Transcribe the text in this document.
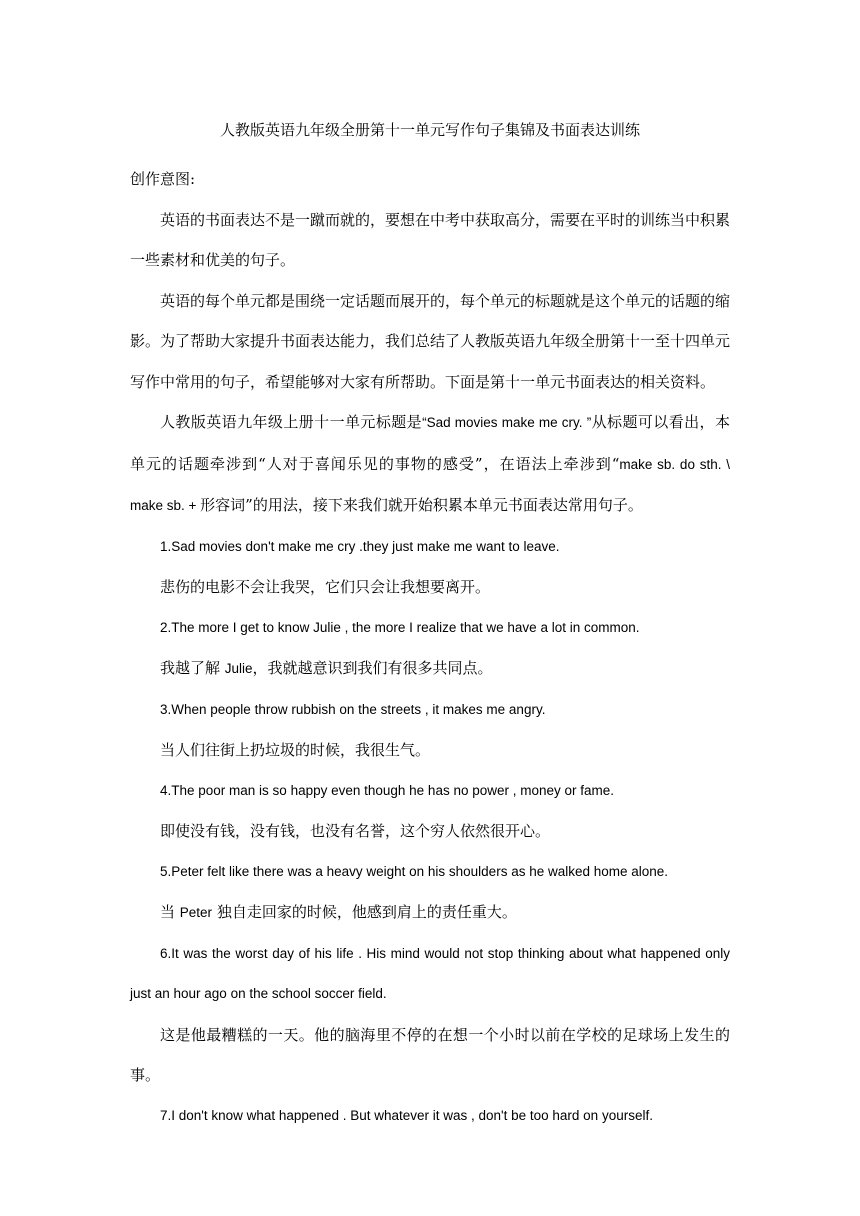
人教版英语九年级全册第十一单元写作句子集锦及书面表达训练

创作意图:

英语的书面表达不是一蹴而就的，要想在中考中获取高分，需要在平时的训练当中积累一些素材和优美的句子。

英语的每个单元都是围绕一定话题而展开的，每个单元的标题就是这个单元的话题的缩影。为了帮助大家提升书面表达能力，我们总结了人教版英语九年级全册第十一至十四单元写作中常用的句子，希望能够对大家有所帮助。下面是第十一单元书面表达的相关资料。

人教版英语九年级上册十一单元标题是“Sad movies make me cry. ”从标题可以看出，本单元的话题牵涉到“人对于喜闻乐见的事物的感受”，在语法上牵涉到“make sb. do sth. \ make sb. + 形容词”的用法，接下来我们就开始积累本单元书面表达常用句子。

1.Sad movies don't make me cry .they just make me want to leave.

悲伤的电影不会让我哭，它们只会让我想要离开。

2.The more I get to know Julie , the more I realize that we have a lot in common.

我越了解 Julie，我就越意识到我们有很多共同点。

3.When people throw rubbish on the streets , it makes me angry.

当人们往街上扔垃圾的时候，我很生气。

4.The poor man is so happy even though he has no power , money or fame.

即使没有钱，没有钱，也没有名誉，这个穷人依然很开心。

5.Peter felt like there was a heavy weight on his shoulders as he walked home alone.

当 Peter 独自走回家的时候，他感到肩上的责任重大。

6.It was the worst day of his life . His mind would not stop thinking about what happened only just an hour ago on the school soccer field.

这是他最糟糕的一天。他的脑海里不停的在想一个小时以前在学校的足球场上发生的事。

7.I don't know what happened . But whatever it was , don't be too hard on yourself.
